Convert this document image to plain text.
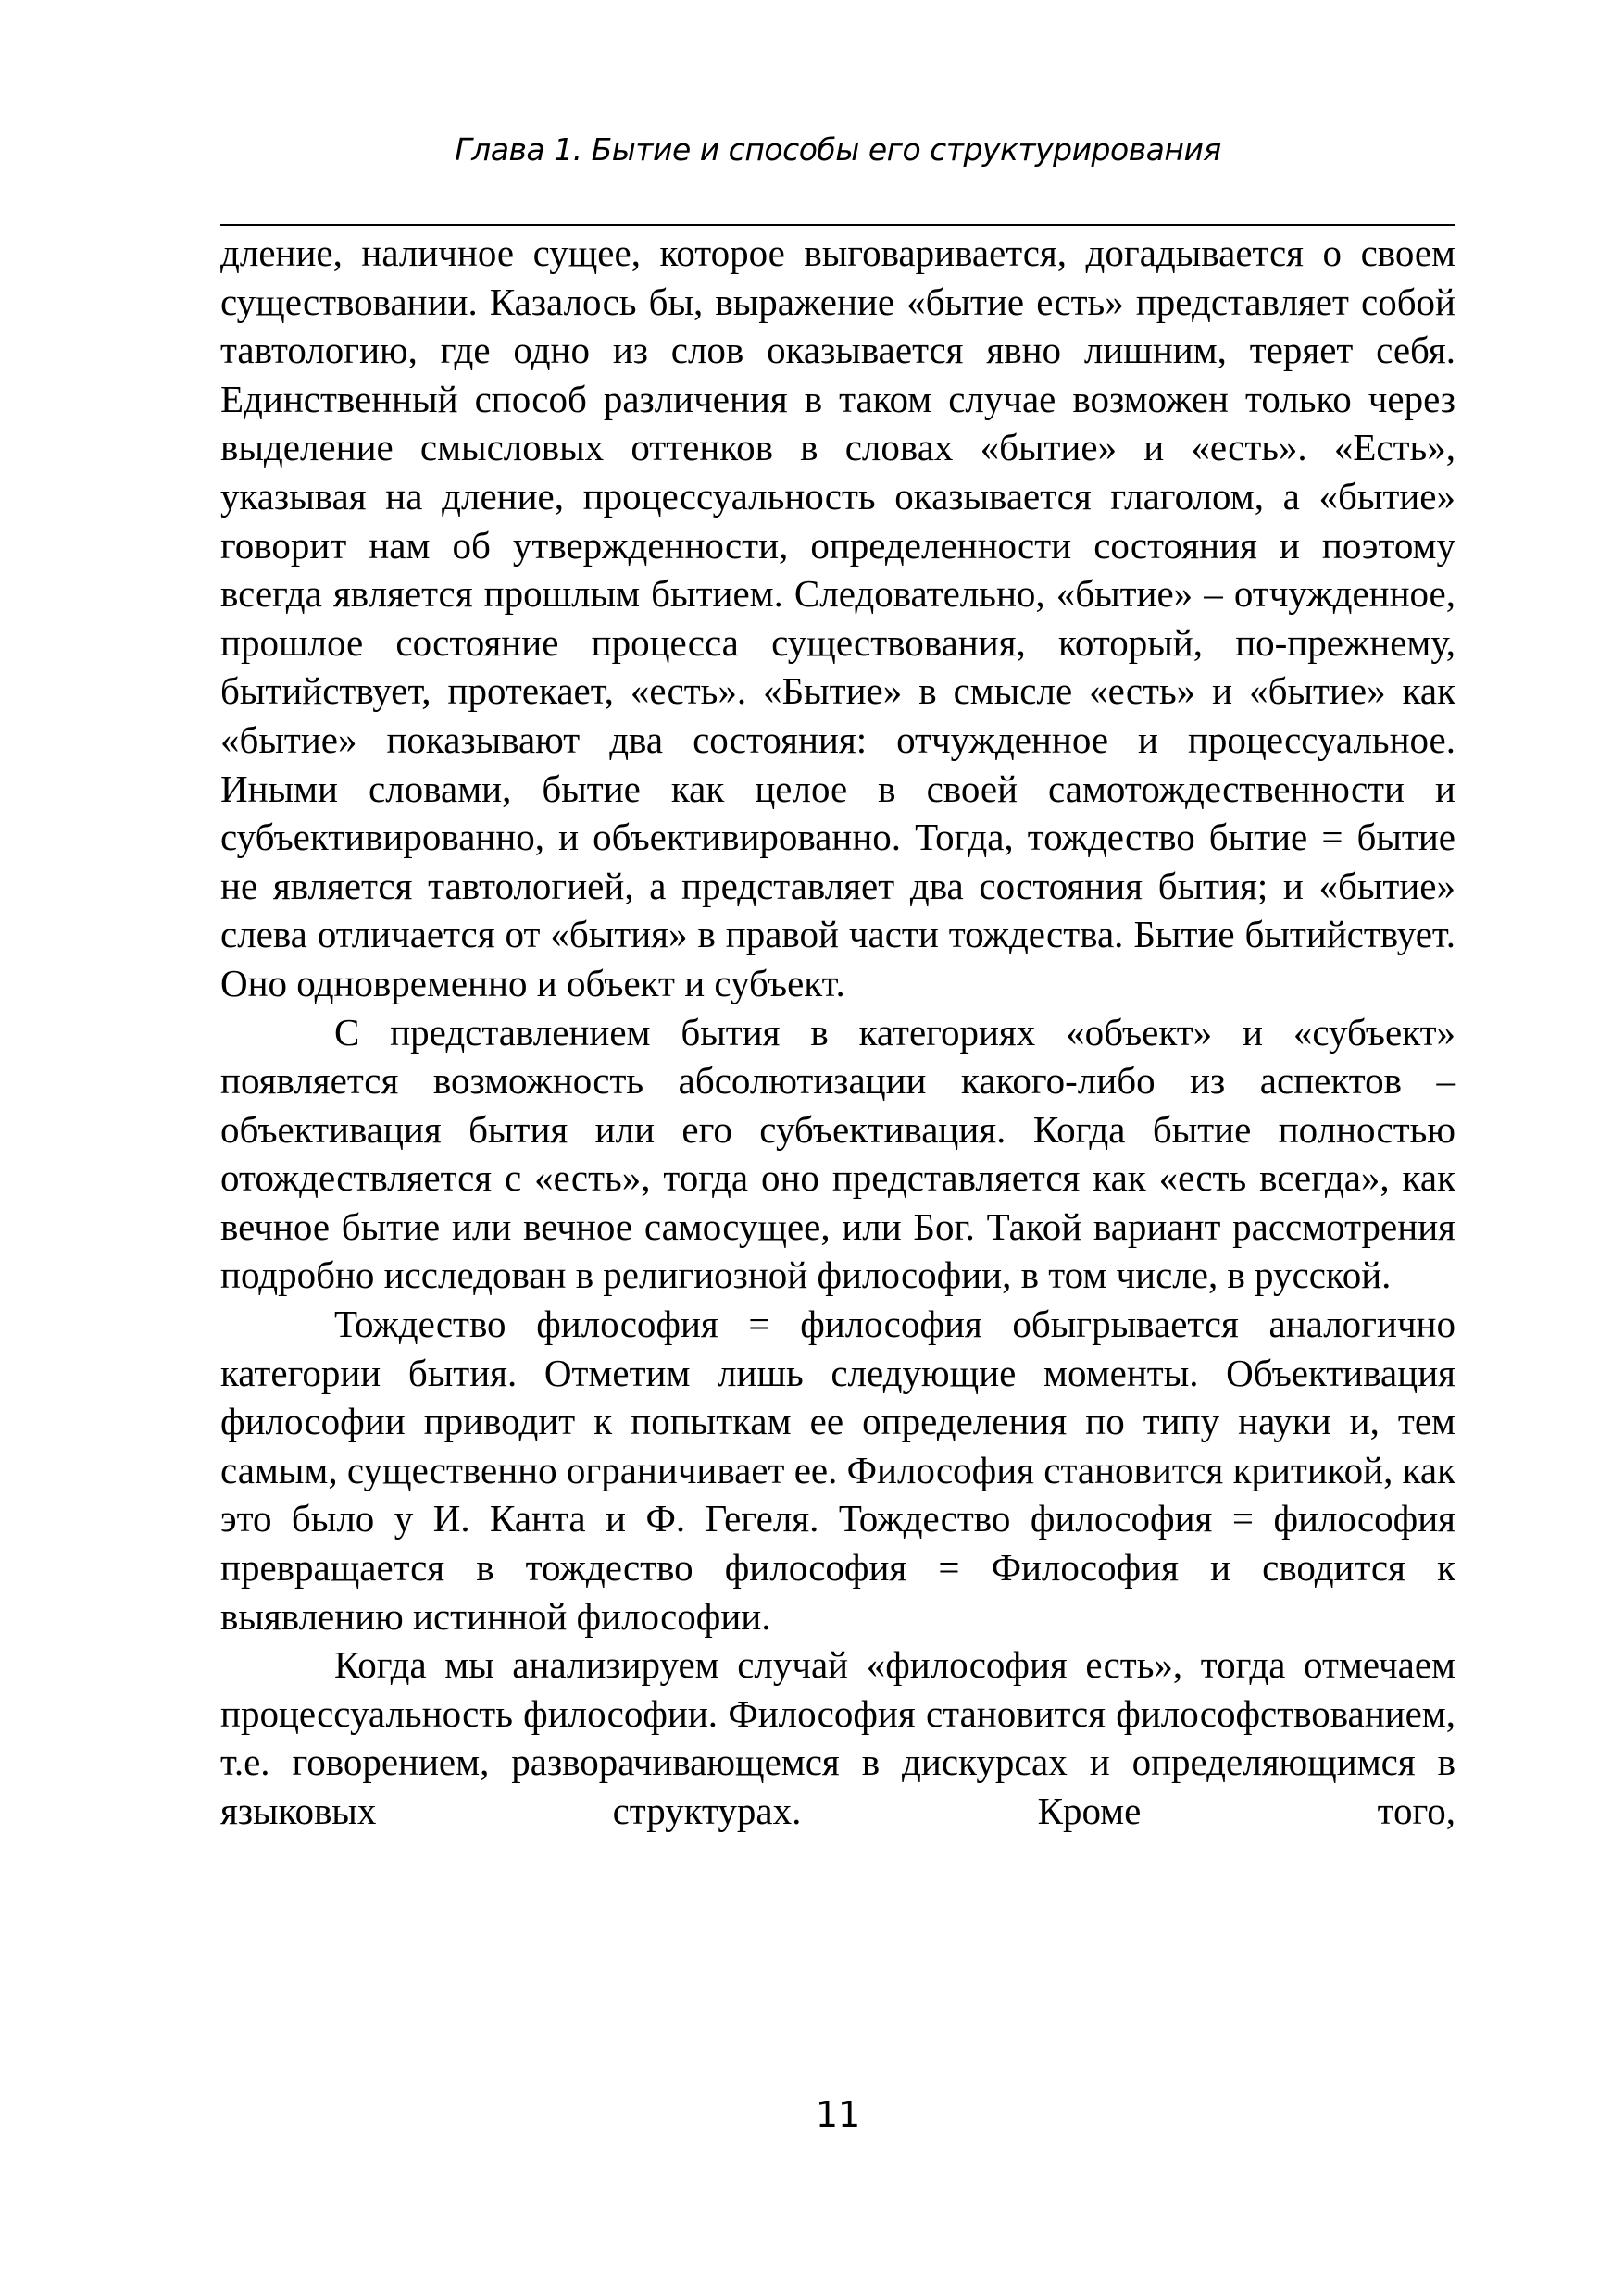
Глава 1. Бытие и способы его структурирования

дление, наличное сущее, которое выговаривается, догадывается о своем существовании. Казалось бы, выражение «бытие есть» представляет собой тавтологию, где одно из слов оказывается явно лишним, теряет себя. Единственный способ различения в таком случае возможен только через выделение смысловых оттенков в словах «бытие» и «есть». «Есть», указывая на дление, процессуальность оказывается глаголом, а «бытие» говорит нам об утвержденности, определенности состояния и поэтому всегда является прошлым бытием. Следовательно, «бытие» – отчужденное, прошлое состояние процесса существования, который, по-прежнему, бытийствует, протекает, «есть». «Бытие» в смысле «есть» и «бытие» как «бытие» показывают два состояния: отчужденное и процессуальное. Иными словами, бытие как целое в своей самотождественности и субъективированно, и объективированно. Тогда, тождество бытие = бытие не является тавтологией, а представляет два состояния бытия; и «бытие» слева отличается от «бытия» в правой части тождества. Бытие бытийствует. Оно одновременно и объект и субъект.

С представлением бытия в категориях «объект» и «субъект» появляется возможность абсолютизации какого-либо из аспектов – объективация бытия или его субъективация. Когда бытие полностью отождествляется с «есть», тогда оно представляется как «есть всегда», как вечное бытие или вечное самосущее, или Бог. Такой вариант рассмотрения подробно исследован в религиозной философии, в том числе, в русской.

Тождество философия = философия обыгрывается аналогично категории бытия. Отметим лишь следующие моменты. Объективация философии приводит к попыткам ее определения по типу науки и, тем самым, существенно ограничивает ее. Философия становится критикой, как это было у И. Канта и Ф. Гегеля. Тождество философия = философия превращается в тождество философия = Философия и сводится к выявлению истинной философии.

Когда мы анализируем случай «философия есть», тогда отмечаем процессуальность философии. Философия становится философствованием, т.е. говорением, разворачивающемся в дискурсах и определяющимся в языковых структурах. Кроме того,

11
